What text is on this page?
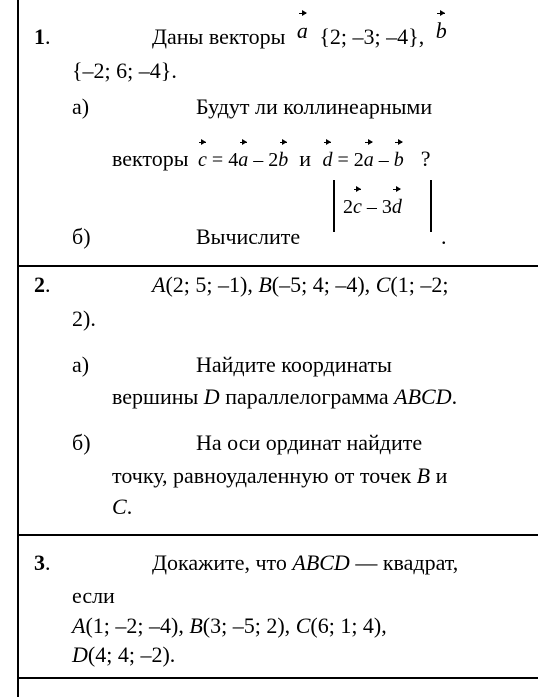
1.	Даны векторы a {2; –3; –4}, b
{–2; 6; –4}.
а)	Будут ли коллинеарными
векторы c = 4a – 2b и d = 2a – b ?
б)	Вычислите
2c – 3d
.
2.	A(2; 5; –1), B(–5; 4; –4), C(1; –2;
2).
а)	Найдите координаты
вершины D параллелограмма ABCD.
б)	На оси ординат найдите
точку, равноудаленную от точек B и
C.
3.	Докажите, что ABCD — квадрат,
если
A(1; –2; –4), B(3; –5; 2), C(6; 1; 4),
D(4; 4; –2).
